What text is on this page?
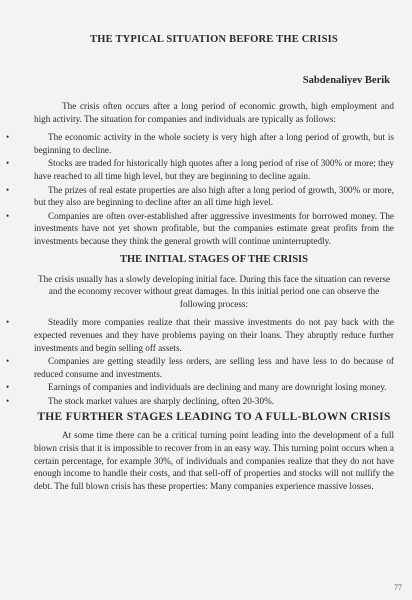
THE TYPICAL SITUATION BEFORE THE CRISIS
Sabdenaliyev Berik

The crisis often occurs after a long period of economic growth, high employment and high activity. The situation for companies and individuals are typically as follows:

•	The economic activity in the whole society is very high after a long period of growth, but is beginning to decline.
•	Stocks are traded for historically high quotes after a long period of rise of 300% or more; they have reached to all time high level, but they are beginning to decline again.
•	The prizes of real estate properties are also high after a long period of growth, 300% or more, but they also are beginning to decline after an all time high level.
•	Companies are often over-established after aggressive investments for borrowed money. The investments have not yet shown profitable, but the companies estimate great profits from the investments because they think the general growth will continue uninterruptedly.
THE INITIAL STAGES OF THE CRISIS

The crisis usually has a slowly developing initial face. During this face the situation can reverse and the economy recover without great damages. In this initial period one can observe the following process:

•	Steadily more companies realize that their massive investments do not pay back with the expected revenues and they have problems paying on their loans. They abruptly reduce further investments and begin selling off assets.
•	Companies are getting steadily less orders, are selling less and have less to do because of reduced consume and investments.
•	Earnings of companies and individuals are declining and many are downright losing money.
•	The stock market values are sharply declining, often 20-30%.
THE FURTHER STAGES LEADING TO A FULL-BLOWN CRISIS

At some time there can be a critical turning point leading into the development of a full blown crisis that it is impossible to recover from in an easy way. This turning point occurs when a certain percentage, for example 30%, of individuals and companies realize that they do not have enough income to handle their costs, and that sell-off of properties and stocks will not nullify the debt. The full blown crisis has these properties: Many companies experience massive losses.

77
